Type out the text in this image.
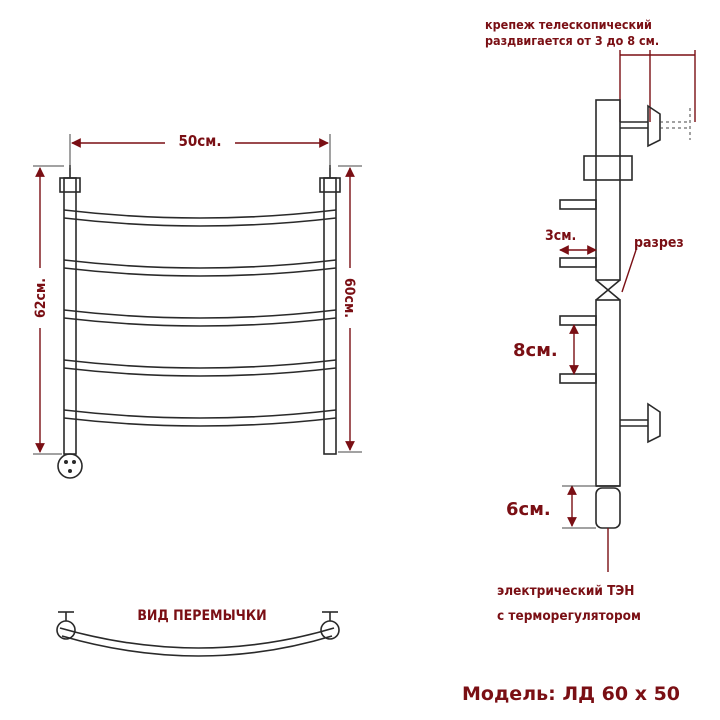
50см.
62см.	60см.
ВИД ПЕРЕМЫЧКИ
крепеж телескопический
раздвигается от 3 до 8 см.
3см.	разрез
8см.
6см.
электрический ТЭН
с терморегулятором
Модель: ЛД 60 х 50
